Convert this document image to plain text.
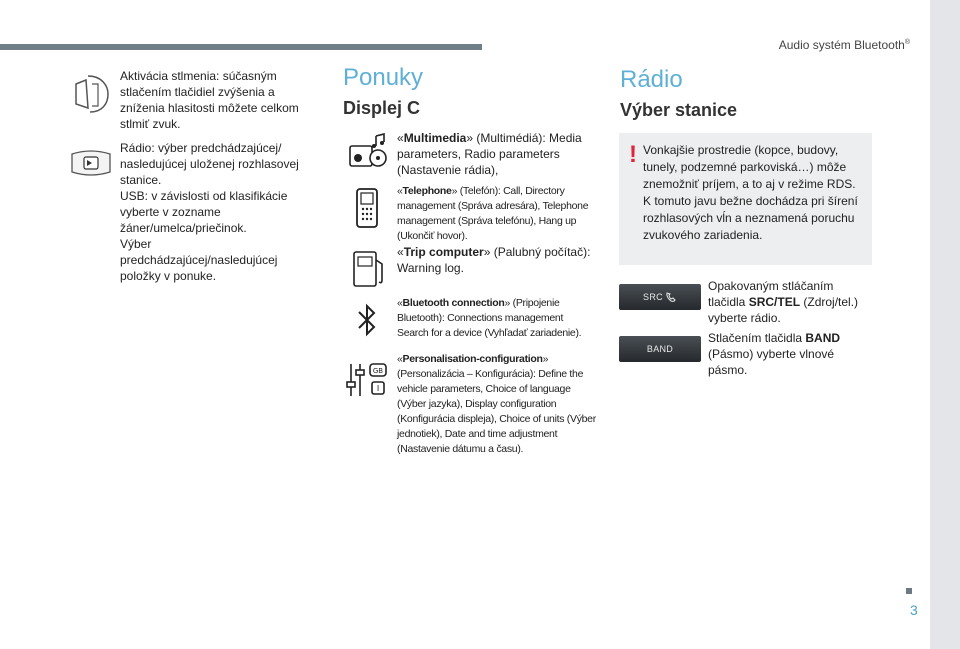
Audio systém Bluetooth®
3
Aktivácia stlmenia: súčasným stlačením tlačidiel zvýšenia a zníženia hlasitosti môžete celkom stlmiť zvuk.
Rádio: výber predchádzajúcej/ nasledujúcej uloženej rozhlasovej stanice.
USB: v závislosti od klasifikácie vyberte v zozname žáner/umelca/priečinok.
Výber predchádzajúcej/nasledujúcej položky v ponuke.
Ponuky
Displej C
«Multimedia» (Multimédiá): Media parameters, Radio parameters (Nastavenie rádia),
«Telephone» (Telefón): Call, Directory management (Správa adresára), Telephone management (Správa telefónu), Hang up (Ukončiť hovor).
«Trip computer» (Palubný počítač): Warning log.
«Bluetooth connection» (Pripojenie Bluetooth): Connections management Search for a device (Vyhľadať zariadenie).
GB
I
«Personalisation-configuration» (Personalizácia – Konfigurácia): Define the vehicle parameters, Choice of language (Výber jazyka), Display configuration (Konfigurácia displeja), Choice of units (Výber jednotiek), Date and time adjustment (Nastavenie dátumu a času).
Rádio
Výber stanice
! Vonkajšie prostredie (kopce, budovy, tunely, podzemné parkoviská…) môže znemožniť príjem, a to aj v režime RDS. K tomuto javu bežne dochádza pri šírení rozhlasových vĺn a neznamená poruchu zvukového zariadenia.
SRC
Opakovaným stláčaním tlačidla SRC/TEL (Zdroj/tel.) vyberte rádio.
BAND
Stlačením tlačidla BAND (Pásmo) vyberte vlnové pásmo.
